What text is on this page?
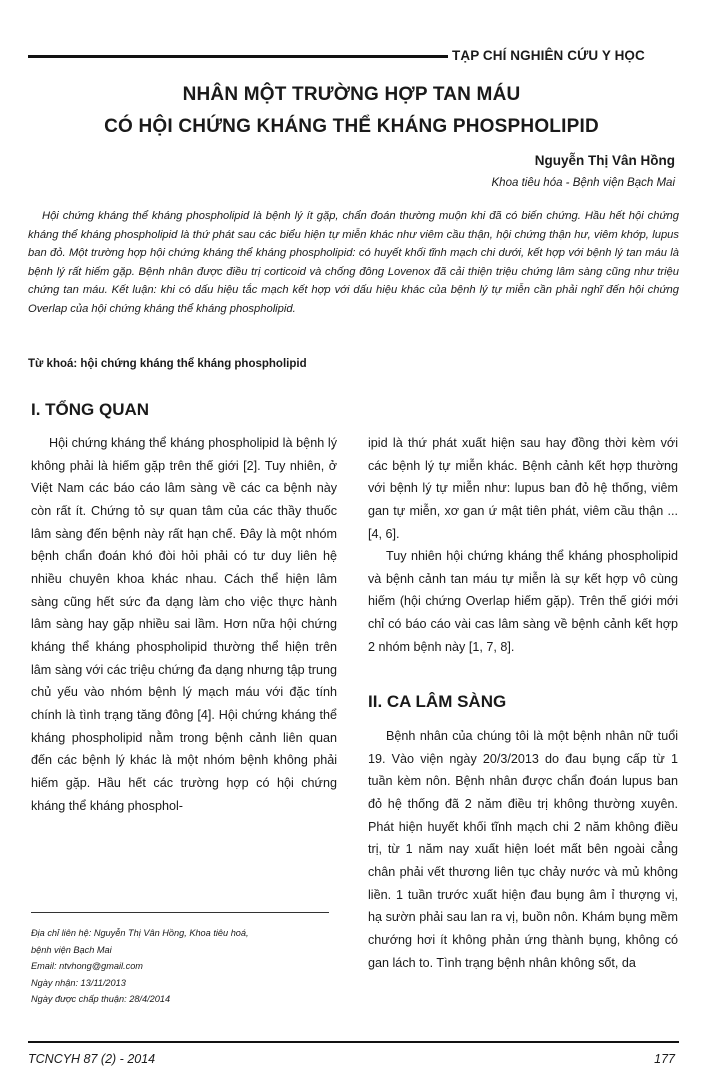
TẠP CHÍ NGHIÊN CỨU Y HỌC
NHÂN MỘT TRƯỜNG HỢP TAN MÁU
CÓ HỘI CHỨNG KHÁNG THỂ KHÁNG PHOSPHOLIPID
Nguyễn Thị Vân Hồng
Khoa tiêu hóa - Bệnh viện Bạch Mai
Hội chứng kháng thể kháng phospholipid là bệnh lý ít gặp, chẩn đoán thường muộn khi đã có biến chứng. Hầu hết hội chứng kháng thể kháng phospholipid là thứ phát sau các biểu hiện tự miễn khác như viêm cầu thận, hội chứng thận hư, viêm khớp, lupus ban đỏ. Một trường hợp hội chứng kháng thể kháng phospholipid: có huyết khối tĩnh mạch chi dưới, kết hợp với bệnh lý tan máu là bệnh lý rất hiếm gặp. Bệnh nhân được điều trị corticoid và chống đông Lovenox đã cải thiện triệu chứng lâm sàng cũng như triệu chứng tan máu. Kết luận: khi có dấu hiệu tắc mạch kết hợp với dấu hiệu khác của bệnh lý tự miễn cần phải nghĩ đến hội chứng Overlap của hội chứng kháng thể kháng phospholipid.
Từ khoá: hội chứng kháng thể kháng phospholipid
I. TỔNG QUAN
Hội chứng kháng thể kháng phospholipid là bệnh lý không phải là hiếm gặp trên thế giới [2]. Tuy nhiên, ở Việt Nam các báo cáo lâm sàng về các ca bệnh này còn rất ít. Chứng tỏ sự quan tâm của các thầy thuốc lâm sàng đến bệnh này rất hạn chế. Đây là một nhóm bệnh chẩn đoán khó đòi hỏi phải có tư duy liên hệ nhiều chuyên khoa khác nhau. Cách thể hiện lâm sàng cũng hết sức đa dạng làm cho việc thực hành lâm sàng hay gặp nhiều sai lầm. Hơn nữa hội chứng kháng thể kháng phospholipid thường thể hiện trên lâm sàng với các triệu chứng đa dạng nhưng tập trung chủ yếu vào nhóm bệnh lý mạch máu với đặc tính chính là tình trạng tăng đông [4]. Hội chứng kháng thể kháng phospholipid nằm trong bệnh cảnh liên quan đến các bệnh lý khác là một nhóm bệnh không phải hiếm gặp. Hầu hết các trường hợp có hội chứng kháng thể kháng phosphol-
ipid là thứ phát xuất hiện sau hay đồng thời kèm với các bệnh lý tự miễn khác. Bệnh cảnh kết hợp thường với bệnh lý tự miễn như: lupus ban đỏ hệ thống, viêm gan tự miễn, xơ gan ứ mật tiên phát, viêm cầu thận ... [4, 6].
Tuy nhiên hội chứng kháng thể kháng phospholipid và bệnh cảnh tan máu tự miễn là sự kết hợp vô cùng hiếm (hội chứng Overlap hiếm gặp). Trên thế giới mới chỉ có báo cáo vài cas lâm sàng về bệnh cảnh kết hợp 2 nhóm bệnh này [1, 7, 8].
II. CA LÂM SÀNG
Bệnh nhân của chúng tôi là một bệnh nhân nữ tuổi 19. Vào viện ngày 20/3/2013 do đau bụng cấp từ 1 tuần kèm nôn. Bệnh nhân được chẩn đoán lupus ban đỏ hệ thống đã 2 năm điều trị không thường xuyên. Phát hiện huyết khối tĩnh mạch chi 2 năm không điều trị, từ 1 năm nay xuất hiện loét mất bên ngoài cẳng chân phải vết thương liên tục chảy nước và mủ không liền. 1 tuần trước xuất hiện đau bụng âm ỉ thượng vị, hạ sườn phải sau lan ra vị, buồn nôn. Khám bụng mềm chướng hơi ít không phản ứng thành bụng, không có gan lách to. Tình trạng bệnh nhân không sốt, da
Địa chỉ liên hệ: Nguyễn Thị Vân Hồng, Khoa tiêu hoá,
bệnh viện Bạch Mai
Email: ntvhong@gmail.com
Ngày nhận: 13/11/2013
Ngày được chấp thuận: 28/4/2014
TCNCYH 87 (2) - 2014	177
